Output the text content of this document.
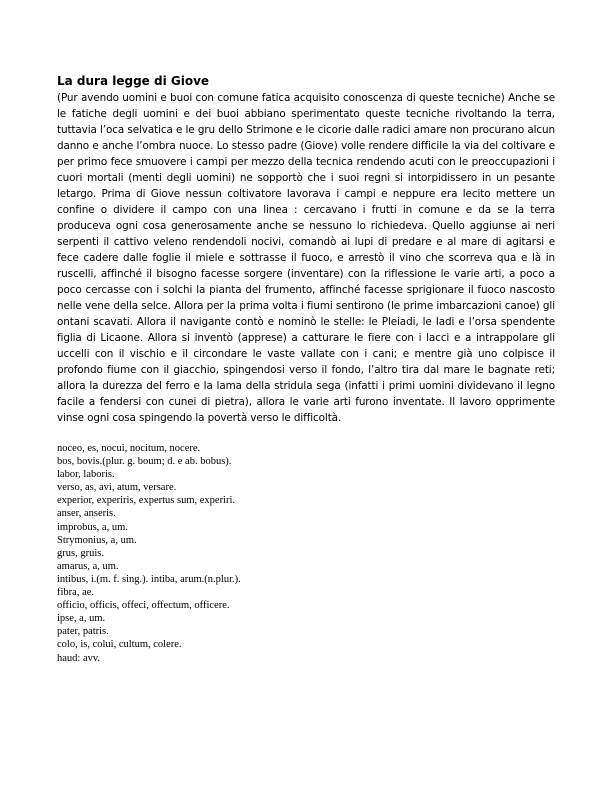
La dura legge di Giove

(Pur avendo uomini e buoi con comune fatica acquisito conoscenza di queste tecniche) Anche se le fatiche degli uomini e dei buoi abbiano sperimentato queste tecniche rivoltando la terra, tuttavia l’oca selvatica e le gru dello Strimone e le cicorie dalle radici amare non procurano alcun danno e anche l’ombra nuoce. Lo stesso padre (Giove) volle rendere difficile la via del coltivare e per primo fece smuovere i campi per mezzo della tecnica rendendo acuti con le preoccupazioni i cuori mortali (menti degli uomini) ne sopportò che i suoi regni si intorpidissero in un pesante letargo. Prima di Giove nessun coltivatore lavorava i campi e neppure era lecito mettere un confine o dividere il campo con una linea : cercavano i frutti in comune e da se la terra produceva ogni cosa generosamente anche se nessuno lo richiedeva. Quello aggiunse ai neri serpenti il cattivo veleno rendendoli nocivi, comandò ai lupi di predare e al mare di agitarsi e fece cadere dalle foglie il miele e sottrasse il fuoco, e arrestò il vino che scorreva qua e là in ruscelli, affinché il bisogno facesse sorgere (inventare) con la riflessione le varie arti, a poco a poco cercasse con i solchi la pianta del frumento, affinché facesse sprigionare il fuoco nascosto nelle vene della selce. Allora per la prima volta i fiumi sentirono (le prime imbarcazioni canoe) gli ontani scavati. Allora il navigante contò e nominò le stelle: le Pleiadi, le Iadi e l’orsa spendente figlia di Licaone. Allora si inventò (apprese) a catturare le fiere con i lacci e a intrappolare gli uccelli con il vischio e il circondare le vaste vallate con i cani; e mentre già uno colpisce il profondo fiume con il giacchio, spingendosi verso il fondo, l’altro tira dal mare le bagnate reti; allora la durezza del ferro e la lama della stridula sega (infatti i primi uomini dividevano il legno facile a fendersi con cunei di pietra), allora le varie arti furono inventate. Il lavoro opprimente vinse ogni cosa spingendo la povertà verso le difficoltà.

noceo, es, nocui, nocitum, nocere.
bos, bovis.(plur. g. boum; d. e ab. bobus).
labor, laboris.
verso, as, avi, atum, versare.
experior, experiris, expertus sum, experiri.
anser, anseris.
improbus, a, um.
Strymonius, a, um.
grus, gruis.
amarus, a, um.
intibus, i.(m. f. sing.). intiba, arum.(n.plur.).
fibra, ae.
officio, officis, offeci, offectum, officere.
ipse, a, um.
pater, patris.
colo, is, colui, cultum, colere.
haud: avv.
